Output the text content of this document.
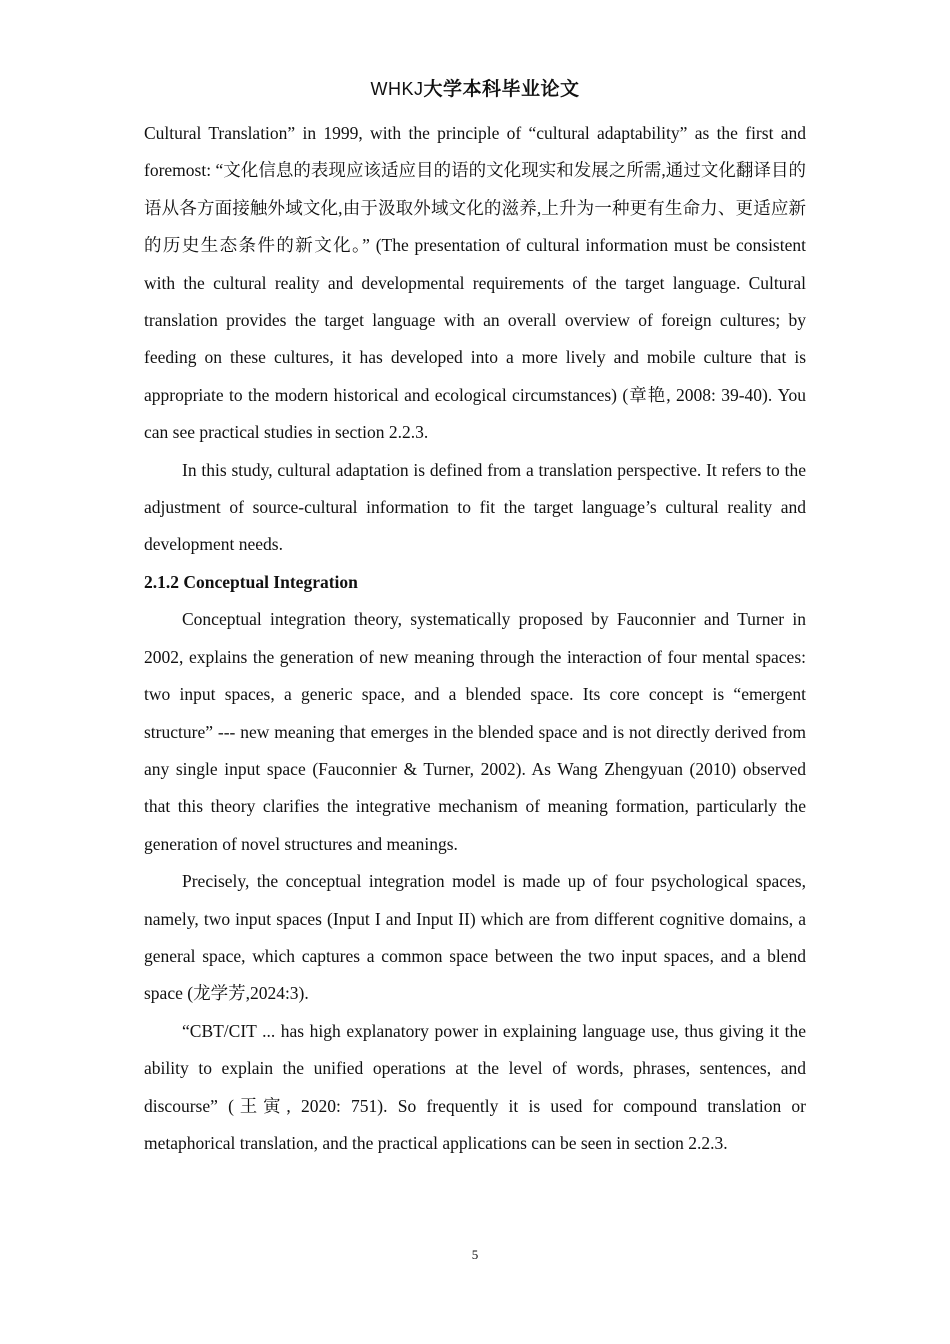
WHKJ大学本科毕业论文

Cultural Translation” in 1999, with the principle of “cultural adaptability” as the first and foremost: “文化信息的表现应该适应目的语的文化现实和发展之所需,通过文化翻译目的语从各方面接触外域文化,由于汲取外域文化的滋养,上升为一种更有生命力、更适应新的历史生态条件的新文化。” (The presentation of cultural information must be consistent with the cultural reality and developmental requirements of the target language. Cultural translation provides the target language with an overall overview of foreign cultures; by feeding on these cultures, it has developed into a more lively and mobile culture that is appropriate to the modern historical and ecological circumstances) (章艳, 2008: 39-40). You can see practical studies in section 2.2.3.

In this study, cultural adaptation is defined from a translation perspective. It refers to the adjustment of source-cultural information to fit the target language’s cultural reality and development needs.

2.1.2 Conceptual Integration

Conceptual integration theory, systematically proposed by Fauconnier and Turner in 2002, explains the generation of new meaning through the interaction of four mental spaces: two input spaces, a generic space, and a blended space. Its core concept is “emergent structure” --- new meaning that emerges in the blended space and is not directly derived from any single input space (Fauconnier & Turner, 2002). As Wang Zhengyuan (2010) observed that this theory clarifies the integrative mechanism of meaning formation, particularly the generation of novel structures and meanings.

Precisely, the conceptual integration model is made up of four psychological spaces, namely, two input spaces (Input I and Input II) which are from different cognitive domains, a general space, which captures a common space between the two input spaces, and a blend space (龙学芳,2024:3).

“CBT/CIT ... has high explanatory power in explaining language use, thus giving it the ability to explain the unified operations at the level of words, phrases, sentences, and discourse” (王寅, 2020: 751). So frequently it is used for compound translation or metaphorical translation, and the practical applications can be seen in section 2.2.3.

5
